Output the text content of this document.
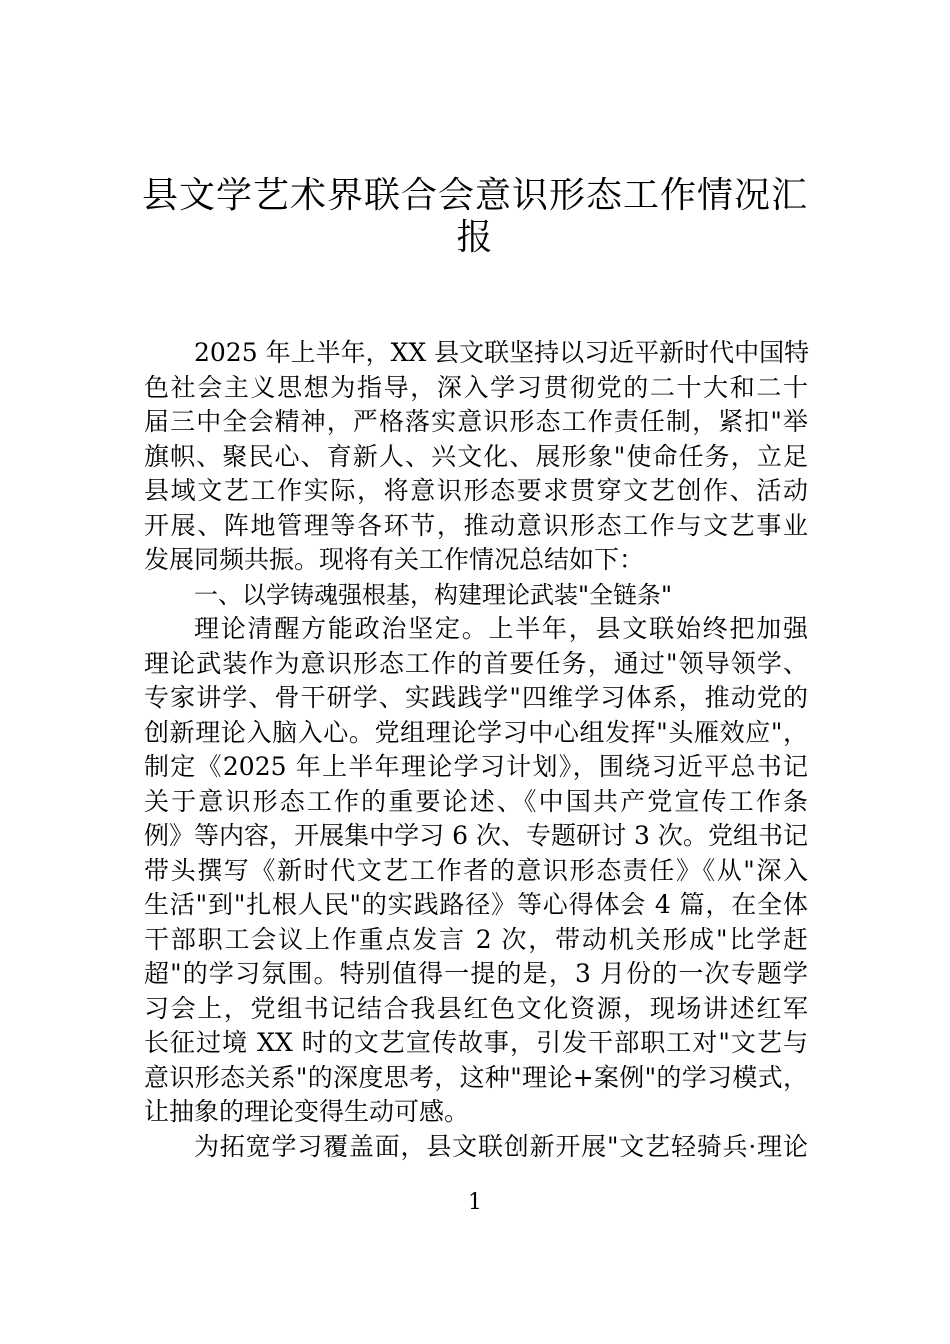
县文学艺术界联合会意识形态工作情况汇
报
2025 年上半年，XX 县文联坚持以习近平新时代中国特
色社会主义思想为指导，深入学习贯彻党的二十大和二十
届三中全会精神，严格落实意识形态工作责任制，紧扣"举
旗帜、聚民心、育新人、兴文化、展形象"使命任务，立足
县域文艺工作实际，将意识形态要求贯穿文艺创作、活动
开展、阵地管理等各环节，推动意识形态工作与文艺事业
发展同频共振。现将有关工作情况总结如下：
一、以学铸魂强根基，构建理论武装"全链条"
理论清醒方能政治坚定。上半年，县文联始终把加强
理论武装作为意识形态工作的首要任务，通过"领导领学、
专家讲学、骨干研学、实践践学"四维学习体系，推动党的
创新理论入脑入心。党组理论学习中心组发挥"头雁效应"，
制定《2025 年上半年理论学习计划》，围绕习近平总书记
关于意识形态工作的重要论述、《中国共产党宣传工作条
例》等内容，开展集中学习 6 次、专题研讨 3 次。党组书记
带头撰写《新时代文艺工作者的意识形态责任》《从"深入
生活"到"扎根人民"的实践路径》等心得体会 4 篇，在全体
干部职工会议上作重点发言 2 次，带动机关形成"比学赶
超"的学习氛围。特别值得一提的是，3 月份的一次专题学
习会上，党组书记结合我县红色文化资源，现场讲述红军
长征过境 XX 时的文艺宣传故事，引发干部职工对"文艺与
意识形态关系"的深度思考，这种"理论+案例"的学习模式，
让抽象的理论变得生动可感。
为拓宽学习覆盖面，县文联创新开展"文艺轻骑兵·理论
1
